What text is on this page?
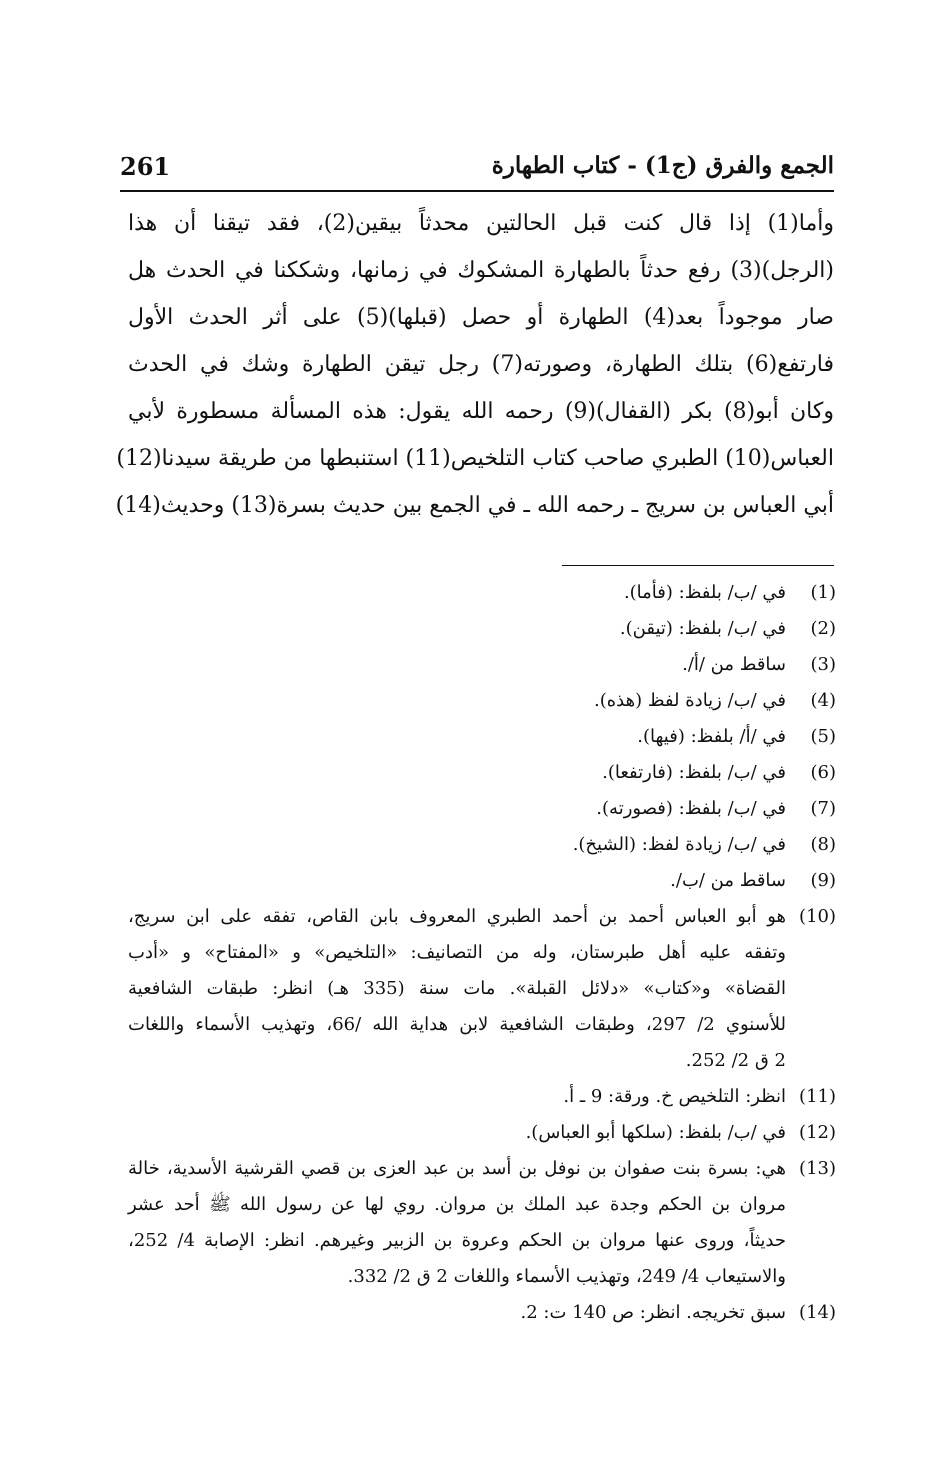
261	الجمع والفرق (ج1) - كتاب الطهارة
وأما(1) إذا قال كنت قبل الحالتين محدثاً بيقين(2)، فقد تيقنا أن هذا
(الرجل)(3) رفع حدثاً بالطهارة المشكوك في زمانها، وشككنا في الحدث هل
صار موجوداً بعد(4) الطهارة أو حصل (قبلها)(5) على أثر الحدث الأول
فارتفع(6) بتلك الطهارة، وصورته(7) رجل تيقن الطهارة وشك في الحدث
وكان أبو(8) بكر (القفال)(9) رحمه الله يقول: هذه المسألة مسطورة لأبي
العباس(10) الطبري صاحب كتاب التلخيص(11) استنبطها من طريقة سيدنا(12)
أبي العباس بن سريج ـ رحمه الله ـ في الجمع بين حديث بسرة(13) وحديث(14)
(1)
في /ب/ بلفظ: (فأما).
(2)
في /ب/ بلفظ: (تيقن).
(3)
ساقط من /أ/.
(4)
في /ب/ زيادة لفظ (هذه).
(5)
في /أ/ بلفظ: (فيها).
(6)
في /ب/ بلفظ: (فارتفعا).
(7)
في /ب/ بلفظ: (فصورته).
(8)
في /ب/ زيادة لفظ: (الشيخ).
(9)
ساقط من /ب/.
(10)
هو أبو العباس أحمد بن أحمد الطبري المعروف بابن القاص، تفقه على ابن سريج،
وتفقه عليه أهل طبرستان، وله من التصانيف: «التلخيص» و «المفتاح» و «أدب
القضاة» و«كتاب» «دلائل القبلة». مات سنة (335 هـ) انظر: طبقات الشافعية
للأسنوي 2/ 297، وطبقات الشافعية لابن هداية الله /66، وتهذيب الأسماء واللغات
2 ق 2/ 252.
(11)
انظر: التلخيص خ. ورقة: 9 ـ أ.
(12)
في /ب/ بلفظ: (سلكها أبو العباس).
(13)
هي: بسرة بنت صفوان بن نوفل بن أسد بن عبد العزى بن قصي القرشية الأسدية، خالة
مروان بن الحكم وجدة عبد الملك بن مروان. روي لها عن رسول الله ﷺ أحد عشر
حديثاً، وروى عنها مروان بن الحكم وعروة بن الزبير وغيرهم. انظر: الإصابة 4/ 252،
والاستيعاب 4/ 249، وتهذيب الأسماء واللغات 2 ق 2/ 332.
(14)
سبق تخريجه. انظر: ص 140 ت: 2.
